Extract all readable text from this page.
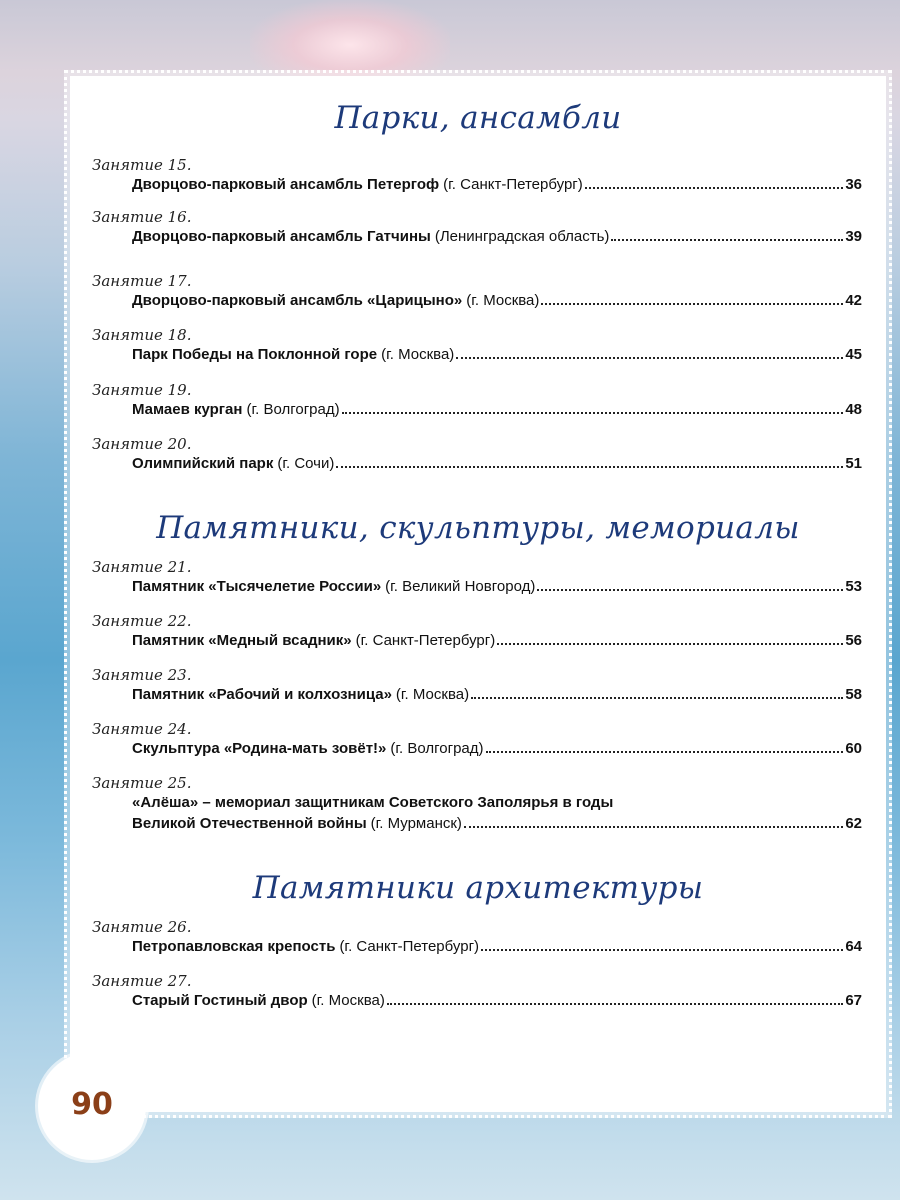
Парки, ансамбли
Занятие 15.
Дворцово-парковый ансамбль Петергоф (г. Санкт-Петербург)	36
Занятие 16.
Дворцово-парковый ансамбль Гатчины (Ленинградская область)	39
Занятие 17.
Дворцово-парковый ансамбль «Царицыно» (г. Москва)	42
Занятие 18.
Парк Победы на Поклонной горе (г. Москва)	45
Занятие 19.
Мамаев курган (г. Волгоград)	48
Занятие 20.
Олимпийский парк (г. Сочи)	51
Памятники, скульптуры, мемориалы
Занятие 21.
Памятник «Тысячелетие России» (г. Великий Новгород)	53
Занятие 22.
Памятник «Медный всадник» (г. Санкт-Петербург)	56
Занятие 23.
Памятник «Рабочий и колхозница» (г. Москва)	58
Занятие 24.
Скульптура «Родина-мать зовёт!» (г. Волгоград)	60
Занятие 25.
«Алёша» – мемориал защитникам Советского Заполярья в годы
Великой Отечественной войны (г. Мурманск)	62
Памятники архитектуры
Занятие 26.
Петропавловская крепость (г. Санкт-Петербург)	64
Занятие 27.
Старый Гостиный двор (г. Москва)	67
90
